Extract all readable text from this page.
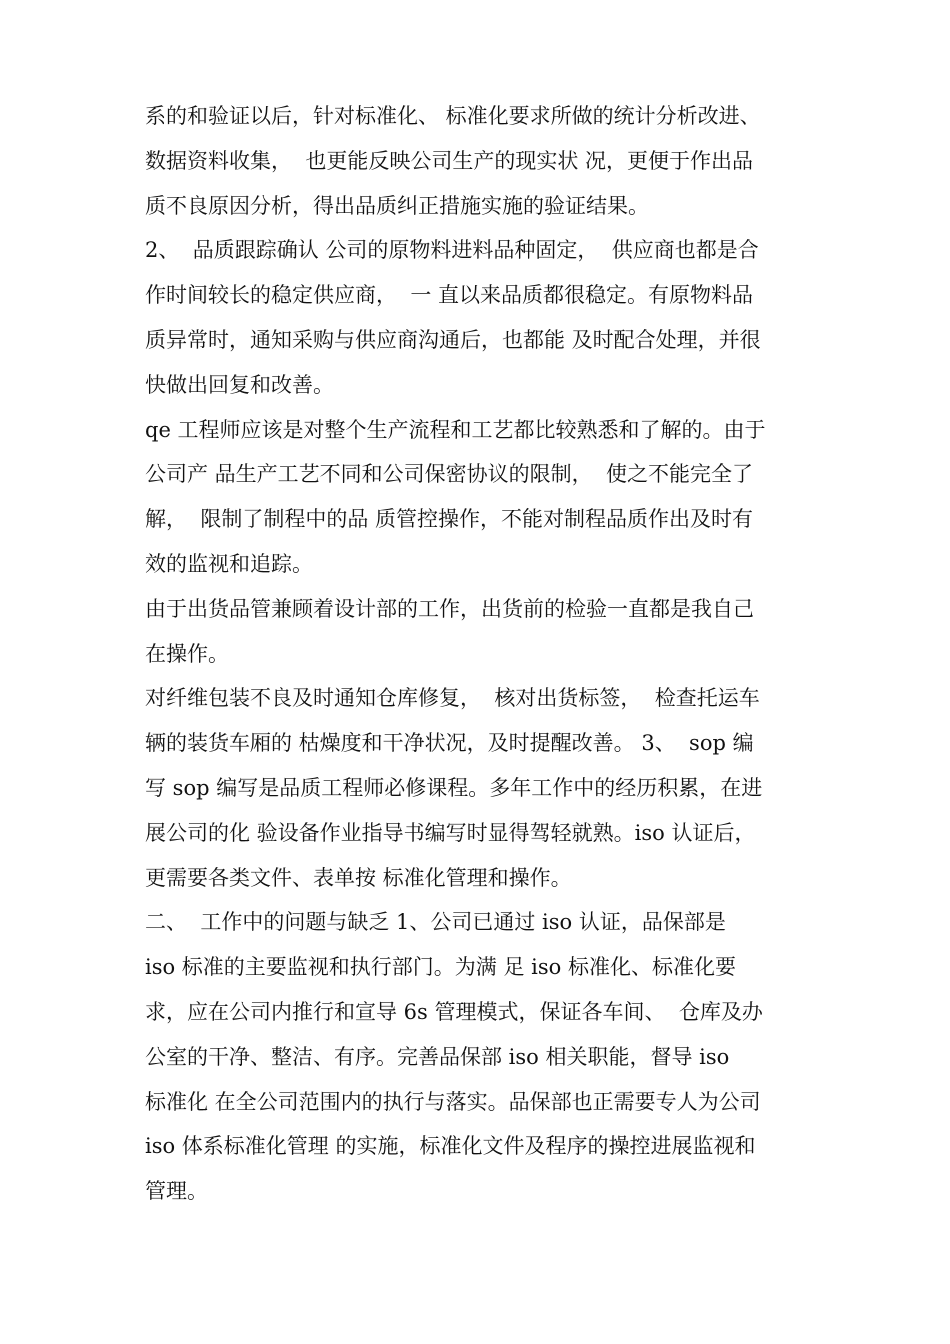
系的和验证以后，针对标准化、 标准化要求所做的统计分析改进、
数据资料收集，  也更能反映公司生产的现实状 况，更便于作出品
质不良原因分析，得出品质纠正措施实施的验证结果。
2、  品质跟踪确认 公司的原物料进料品种固定，  供应商也都是合
作时间较长的稳定供应商，  一 直以来品质都很稳定。有原物料品
质异常时，通知采购与供应商沟通后，也都能 及时配合处理，并很
快做出回复和改善。
qe 工程师应该是对整个生产流程和工艺都比较熟悉和了解的。由于
公司产 品生产工艺不同和公司保密协议的限制，  使之不能完全了
解，  限制了制程中的品 质管控操作，不能对制程品质作出及时有
效的监视和追踪。
由于出货品管兼顾着设计部的工作，出货前的检验一直都是我自己
在操作。
对纤维包装不良及时通知仓库修复，  核对出货标签，  检查托运车
辆的装货车厢的 枯燥度和干净状况，及时提醒改善。 3、  sop 编
写 sop 编写是品质工程师必修课程。多年工作中的经历积累，在进
展公司的化 验设备作业指导书编写时显得驾轻就熟。iso 认证后，
更需要各类文件、表单按 标准化管理和操作。
二、  工作中的问题与缺乏 1、公司已通过 iso 认证，品保部是
iso 标准的主要监视和执行部门。为满 足 iso 标准化、标准化要
求，应在公司内推行和宣导 6s 管理模式，保证各车间、  仓库及办
公室的干净、整洁、有序。完善品保部 iso 相关职能，督导 iso
标准化 在全公司范围内的执行与落实。品保部也正需要专人为公司
iso 体系标准化管理 的实施，标准化文件及程序的操控进展监视和
管理。
